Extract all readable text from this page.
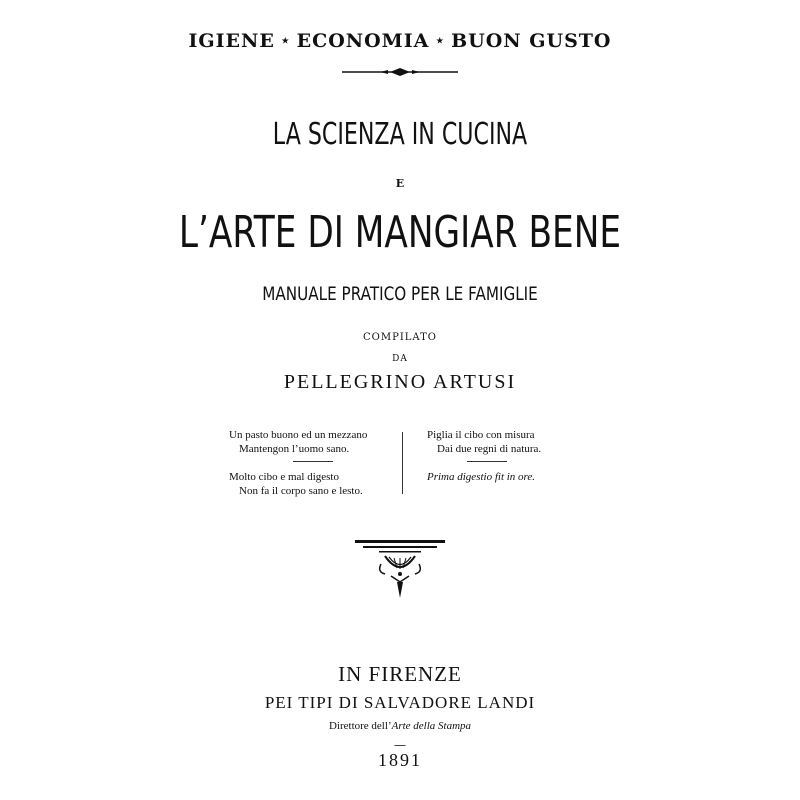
IGIENE ⋆ ECONOMIA ⋆ BUON GUSTO
LA SCIENZA IN CUCINA
E
L’ARTE DI MANGIAR BENE
MANUALE PRATICO PER LE FAMIGLIE
COMPILATO
DA
PELLEGRINO ARTUSI
Un pasto buono ed un mezzano
Mantengon l’uomo sano.
Molto cibo e mal digesto
Non fa il corpo sano e lesto.
Piglia il cibo con misura
Dai due regni di natura.
Prima digestio fit in ore.
IN FIRENZE
PEI TIPI DI SALVADORE LANDI
Direttore dell’Arte della Stampa
—
1891
